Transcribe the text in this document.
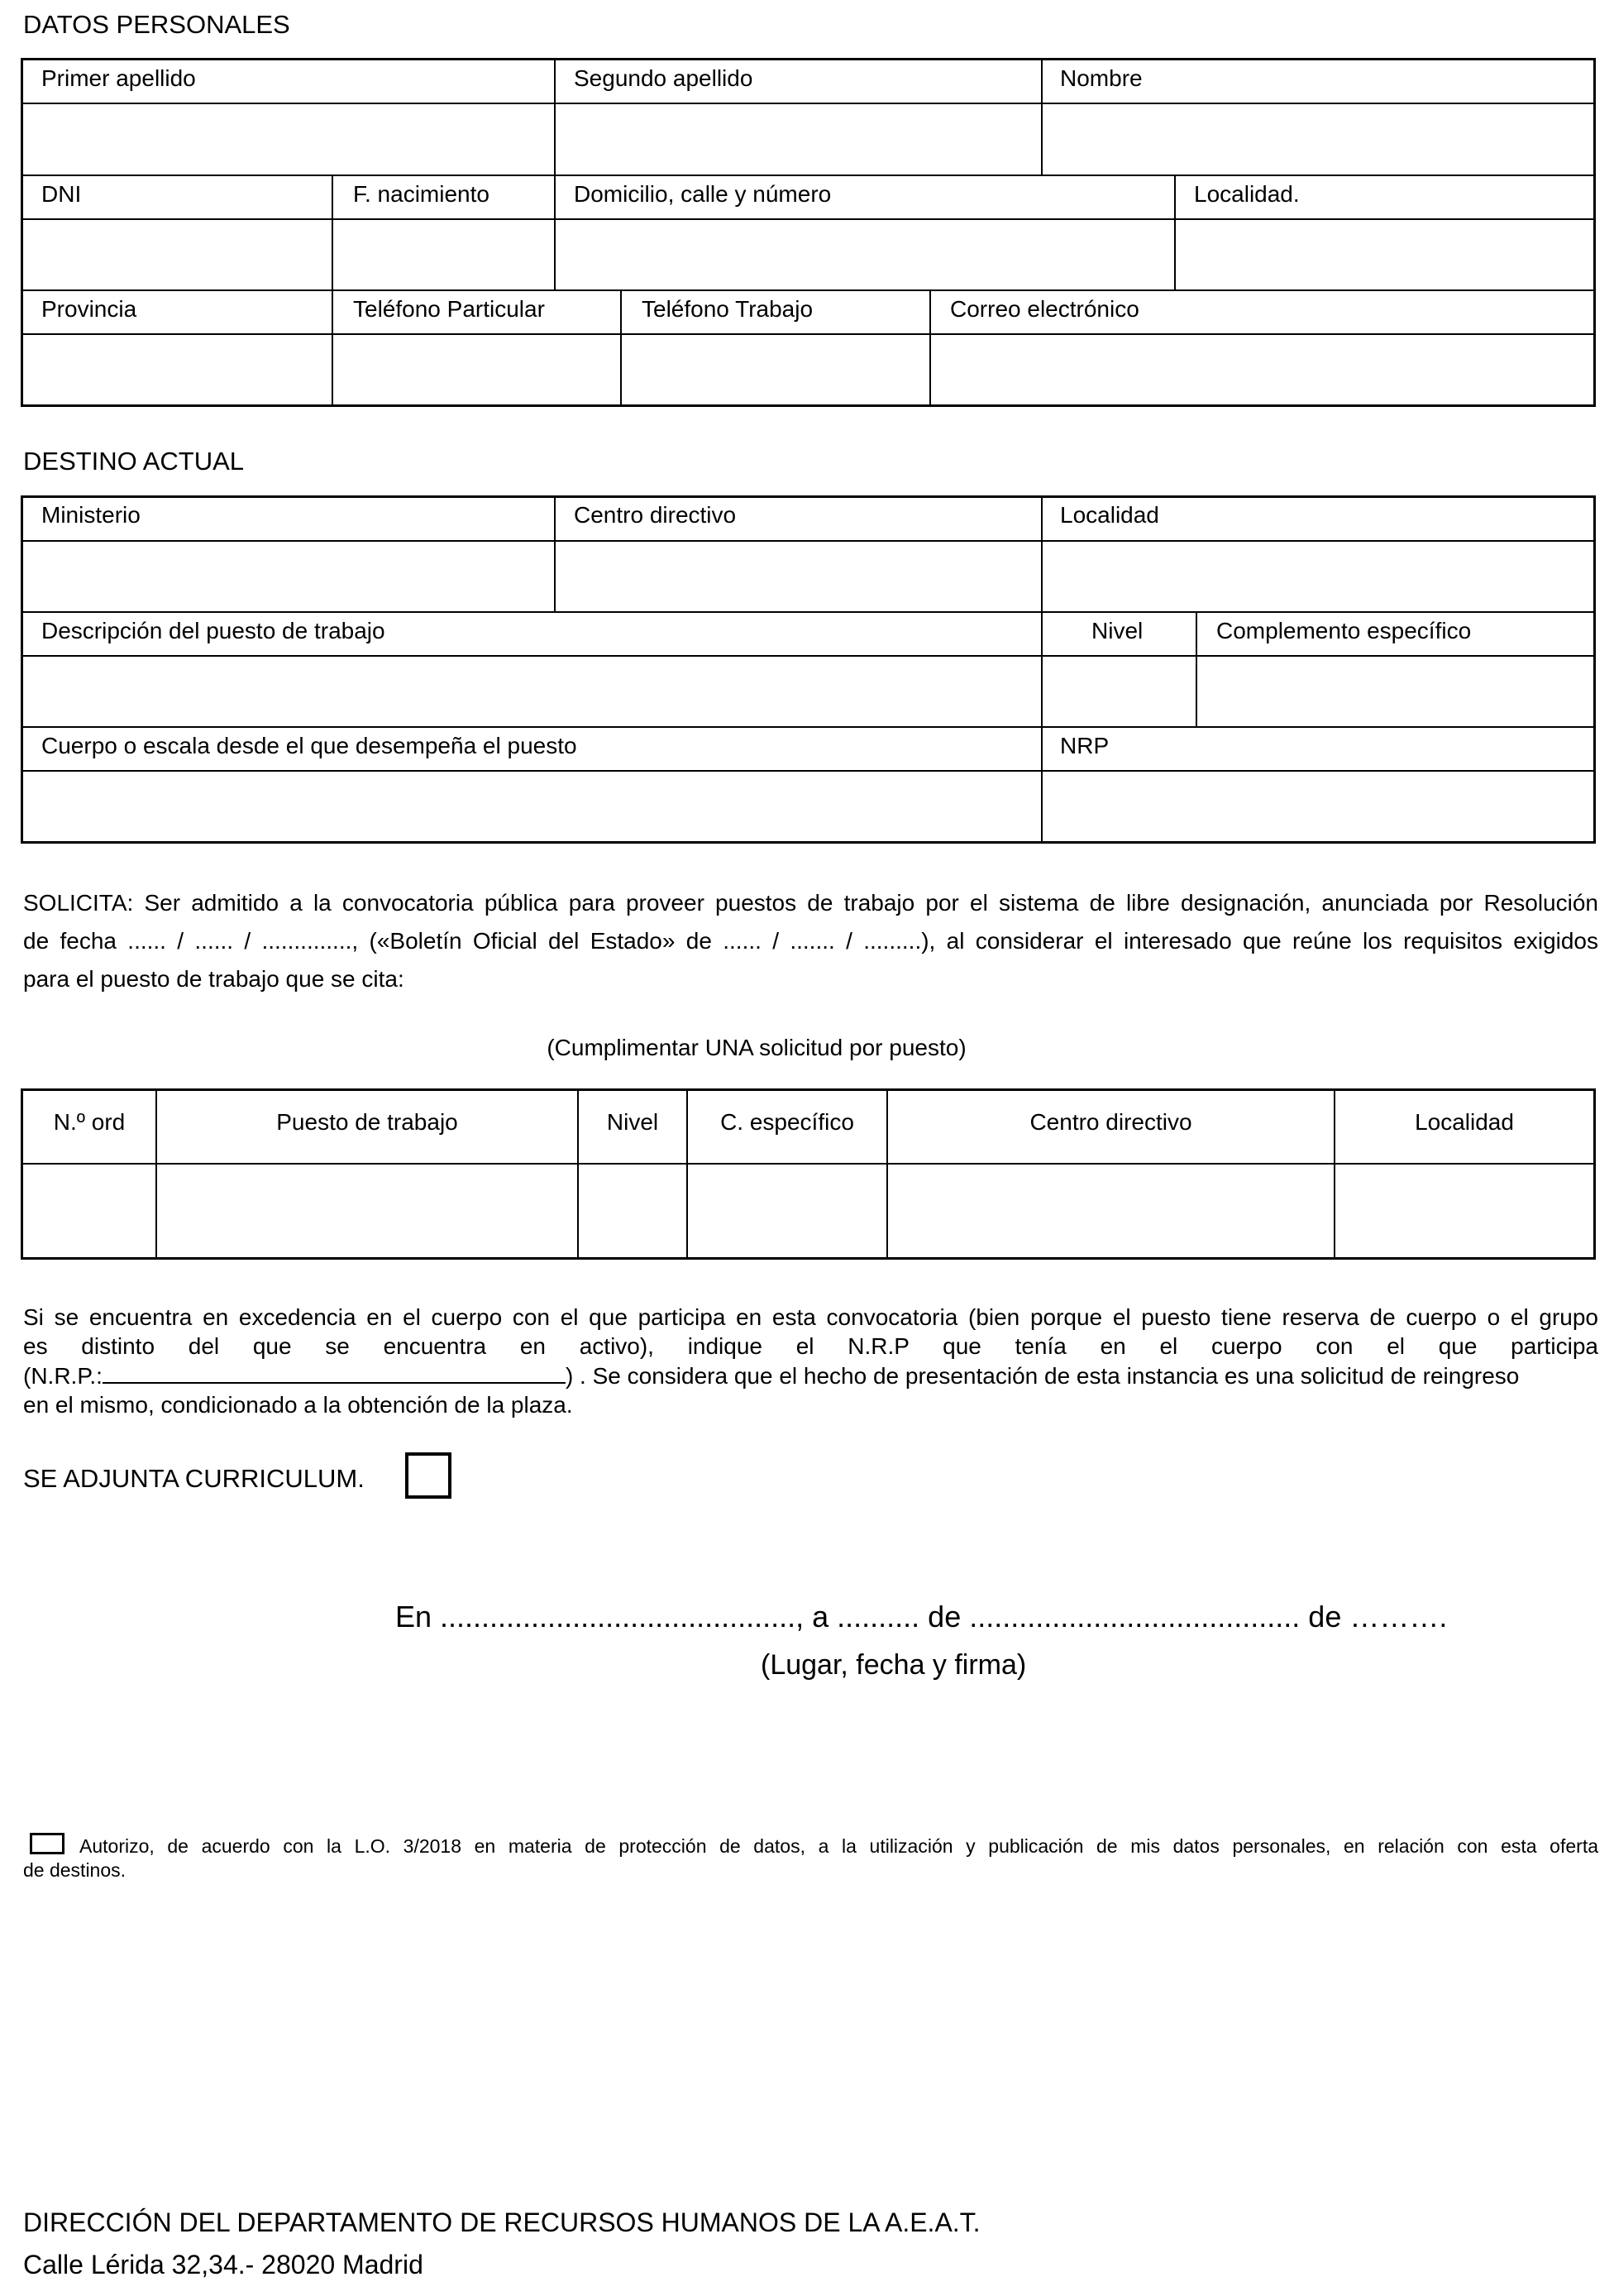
DATOS PERSONALES
Primer apellido	Segundo apellido	Nombre
DNI	F. nacimiento	Domicilio, calle y número	Localidad.
Provincia	Teléfono Particular	Teléfono Trabajo	Correo electrónico
DESTINO ACTUAL
Ministerio	Centro directivo	Localidad
Descripción del puesto de trabajo	Nivel	Complemento específico
Cuerpo o escala desde el que desempeña el puesto	NRP
SOLICITA: Ser admitido a la convocatoria pública para proveer puestos de trabajo por el sistema de libre designación, anunciada por Resolución
de fecha ...... / ...... / .............., («Boletín Oficial del Estado» de ...... / ....... / .........), al considerar el interesado que reúne los requisitos exigidos
para el puesto de trabajo que se cita:
(Cumplimentar UNA solicitud por puesto)
N.º ord	Puesto de trabajo	Nivel	C. específico	Centro directivo	Localidad
Si se encuentra en excedencia en el cuerpo con el que participa en esta convocatoria (bien porque el puesto tiene reserva de cuerpo o el grupo
es distinto del que se encuentra en activo), indique el N.R.P que tenía en el cuerpo con el que participa
(N.R.P.:	) . Se considera que el hecho de presentación de esta instancia es una solicitud de reingreso
en el mismo, condicionado a la obtención de la plaza.
SE ADJUNTA CURRICULUM.
En ..........................................., a .......... de ........................................ de ……….
(Lugar, fecha y firma)
Autorizo, de acuerdo con la L.O. 3/2018 en materia de protección de datos, a la utilización y publicación de mis datos personales, en relación con esta oferta
de destinos.
DIRECCIÓN DEL DEPARTAMENTO DE RECURSOS HUMANOS DE LA A.E.A.T.
Calle Lérida 32,34.- 28020 Madrid
